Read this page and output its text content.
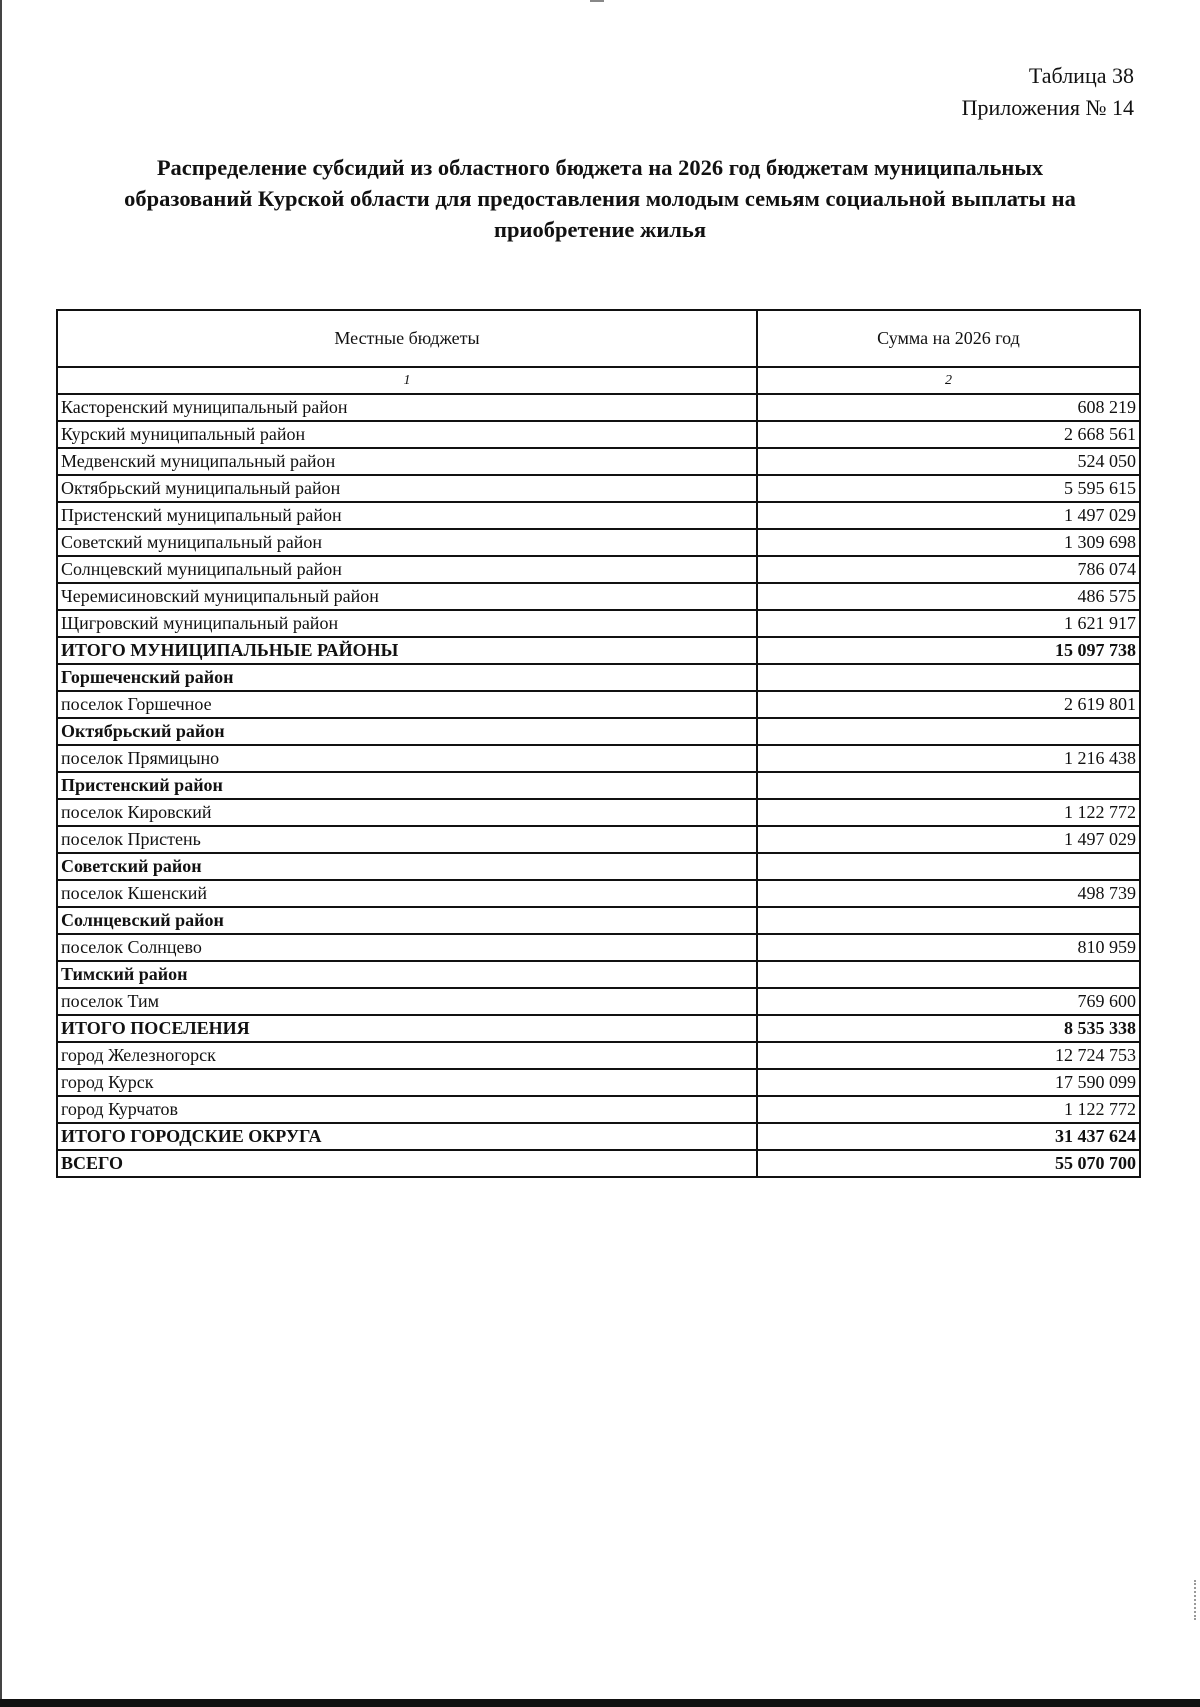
Таблица 38
Приложения № 14
Распределение субсидий из областного бюджета на 2026 год бюджетам муниципальных
образований Курской области для предоставления молодым семьям социальной выплаты на
приобретение жилья
Местные бюджеты	Сумма на 2026 год
1	2
Касторенский муниципальный район	608 219
Курский муниципальный район	2 668 561
Медвенский муниципальный район	524 050
Октябрьский муниципальный район	5 595 615
Пристенский муниципальный район	1 497 029
Советский муниципальный район	1 309 698
Солнцевский муниципальный район	786 074
Черемисиновский муниципальный район	486 575
Щигровский муниципальный район	1 621 917
ИТОГО МУНИЦИПАЛЬНЫЕ РАЙОНЫ	15 097 738
Горшеченский район	
поселок Горшечное	2 619 801
Октябрьский район	
поселок Прямицыно	1 216 438
Пристенский район	
поселок Кировский	1 122 772
поселок Пристень	1 497 029
Советский район	
поселок Кшенский	498 739
Солнцевский район	
поселок Солнцево	810 959
Тимский район	
поселок Тим	769 600
ИТОГО ПОСЕЛЕНИЯ	8 535 338
город Железногорск	12 724 753
город Курск	17 590 099
город Курчатов	1 122 772
ИТОГО ГОРОДСКИЕ ОКРУГА	31 437 624
ВСЕГО	55 070 700
